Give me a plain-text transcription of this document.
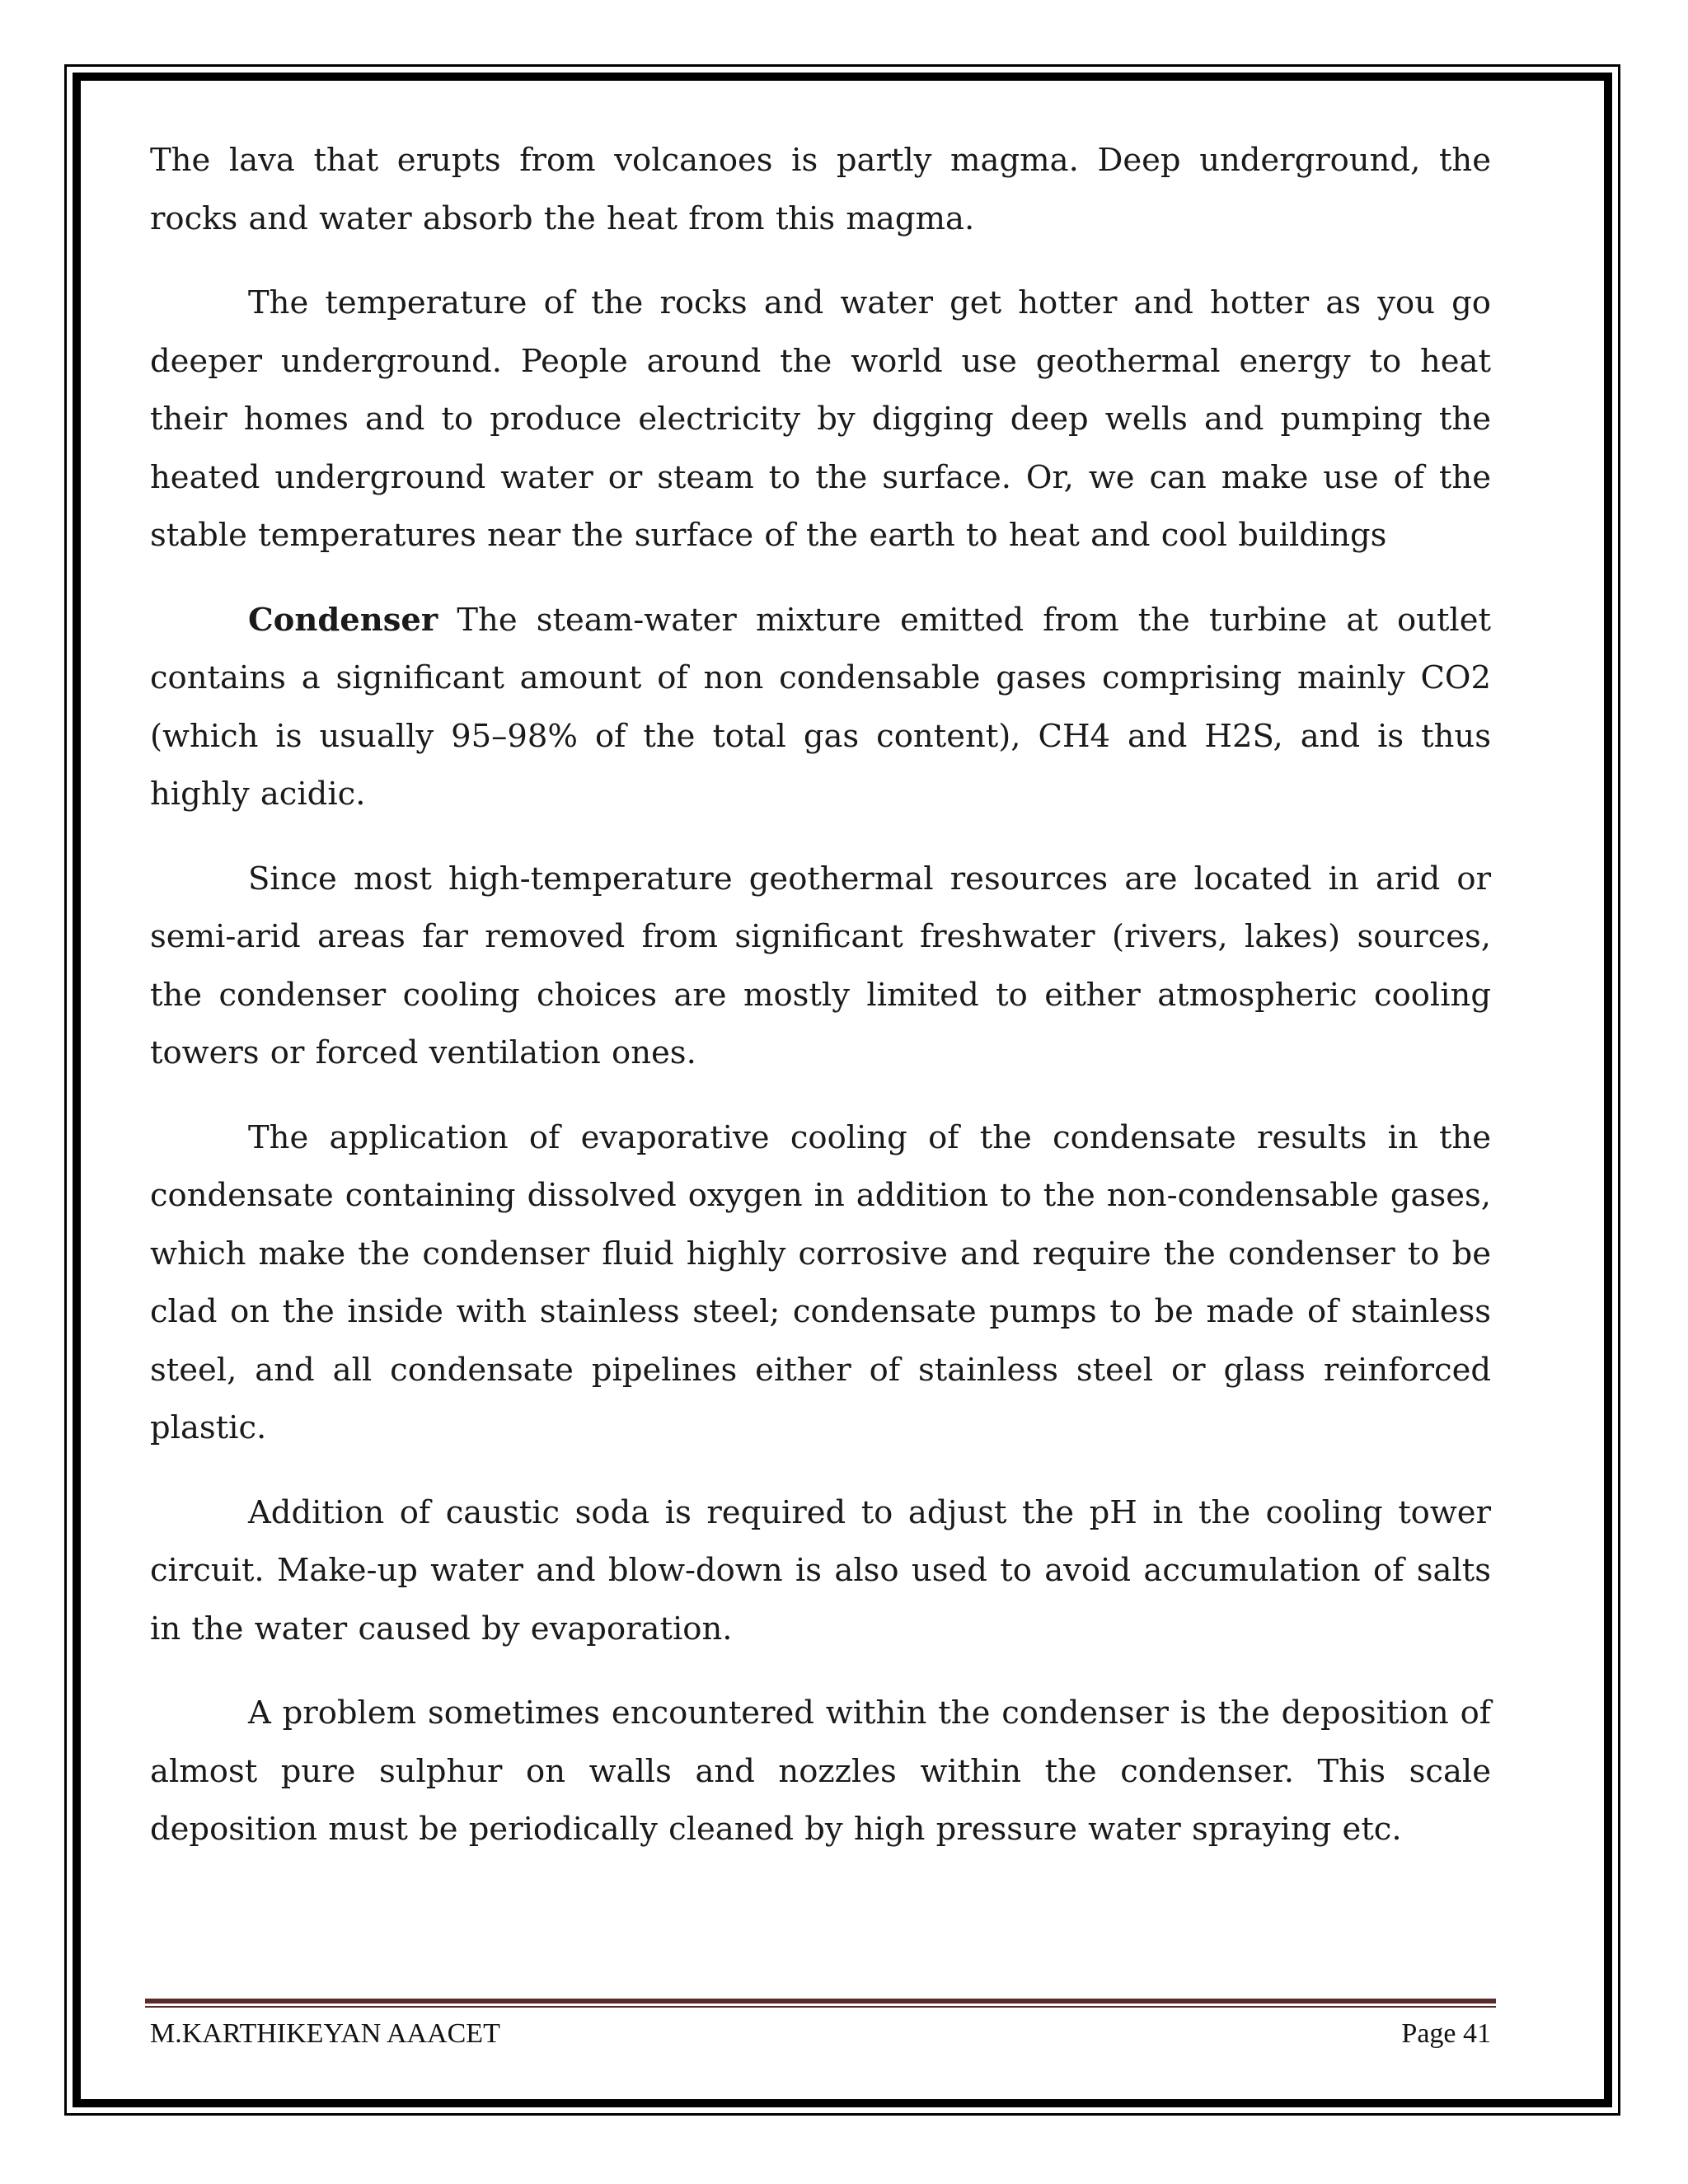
The lava that erupts from volcanoes is partly magma. Deep underground, the rocks and water absorb the heat from this magma.

The temperature of the rocks and water get hotter and hotter as you go deeper underground. People around the world use geothermal energy to heat their homes and to produce electricity by digging deep wells and pumping the heated underground water or steam to the surface. Or, we can make use of the stable temperatures near the surface of the earth to heat and cool buildings

Condenser The steam-water mixture emitted from the turbine at outlet contains a significant amount of non condensable gases comprising mainly CO2 (which is usually 95–98% of the total gas content), CH4 and H2S, and is thus highly acidic.

Since most high-temperature geothermal resources are located in arid or semi-arid areas far removed from significant freshwater (rivers, lakes) sources, the condenser cooling choices are mostly limited to either atmospheric cooling towers or forced ventilation ones.

The application of evaporative cooling of the condensate results in the condensate containing dissolved oxygen in addition to the non-condensable gases, which make the condenser fluid highly corrosive and require the condenser to be clad on the inside with stainless steel; condensate pumps to be made of stainless steel, and all condensate pipelines either of stainless steel or glass reinforced plastic.

Addition of caustic soda is required to adjust the pH in the cooling tower circuit. Make-up water and blow-down is also used to avoid accumulation of salts in the water caused by evaporation.

A problem sometimes encountered within the condenser is the deposition of almost pure sulphur on walls and nozzles within the condenser. This scale deposition must be periodically cleaned by high pressure water spraying etc.

M.KARTHIKEYAN AAACET	Page 41
